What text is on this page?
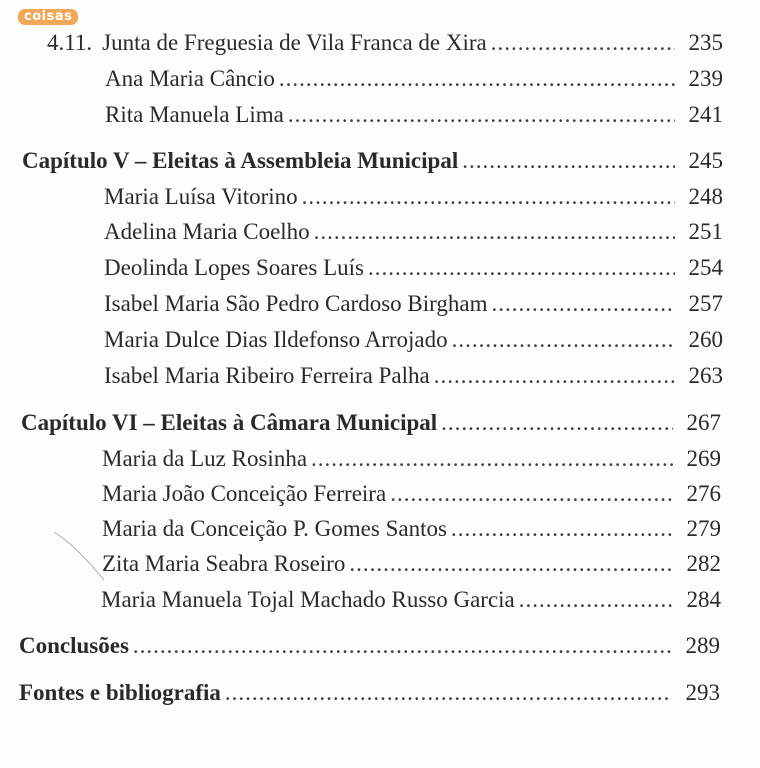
coisas
4.11. Junta de Freguesia de Vila Franca de Xira .....	235
Ana Maria Câncio .....	239
Rita Manuela Lima .....	241
Capítulo V – Eleitas à Assembleia Municipal .....	245
Maria Luísa Vitorino .....	248
Adelina Maria Coelho .....	251
Deolinda Lopes Soares Luís .....	254
Isabel Maria São Pedro Cardoso Birgham .....	257
Maria Dulce Dias Ildefonso Arrojado .....	260
Isabel Maria Ribeiro Ferreira Palha .....	263
Capítulo VI – Eleitas à Câmara Municipal .....	267
Maria da Luz Rosinha .....	269
Maria João Conceição Ferreira .....	276
Maria da Conceição P. Gomes Santos .....	279
Zita Maria Seabra Roseiro .....	282
Maria Manuela Tojal Machado Russo Garcia .....	284
Conclusões .....	289
Fontes e bibliografia .....	293
